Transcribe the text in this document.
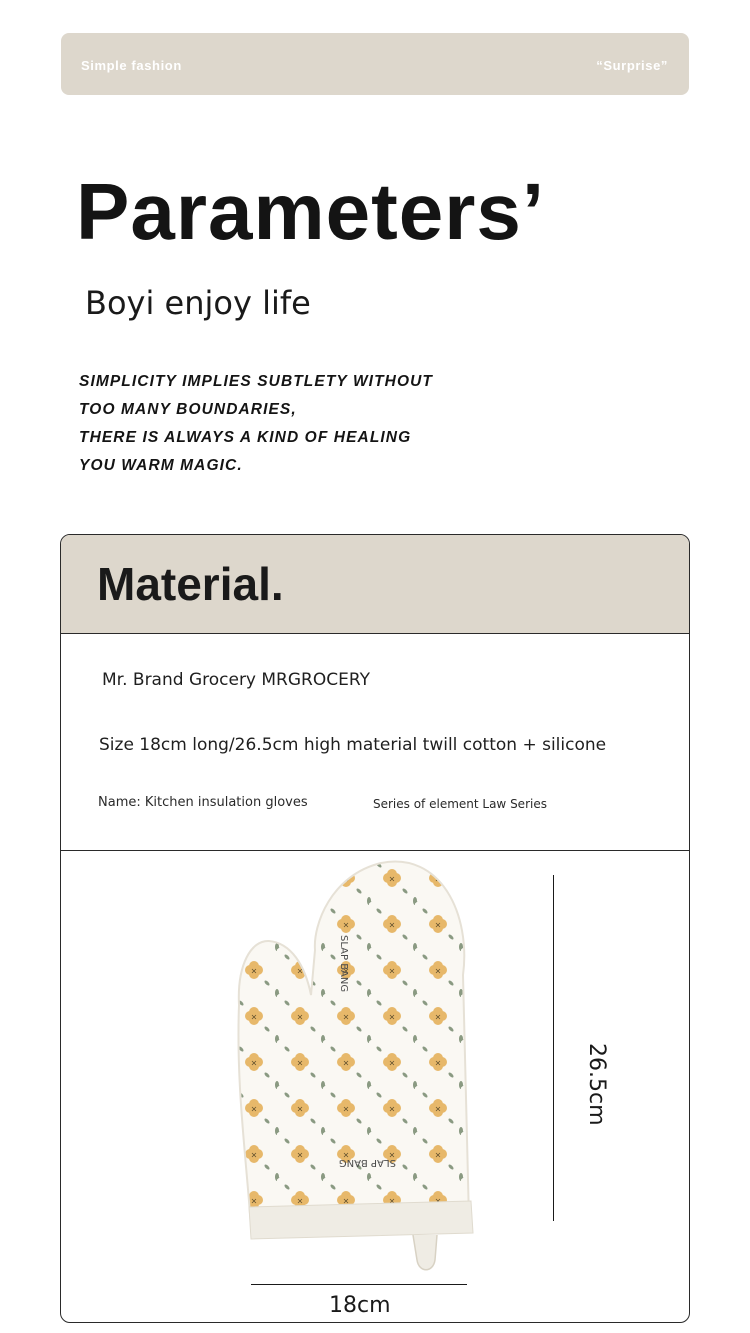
Simple fashion	“Surprise”
Parameters’
Boyi enjoy life
SIMPLICITY IMPLIES SUBTLETY WITHOUT
TOO MANY BOUNDARIES,
THERE IS ALWAYS A KIND OF HEALING
YOU WARM MAGIC.
Material.
Mr. Brand Grocery MRGROCERY
Size 18cm long/26.5cm high material twill cotton + silicone
Name: Kitchen insulation gloves	Series of element Law Series
SLAP BANG
SLAP BANG
26.5cm
18cm
